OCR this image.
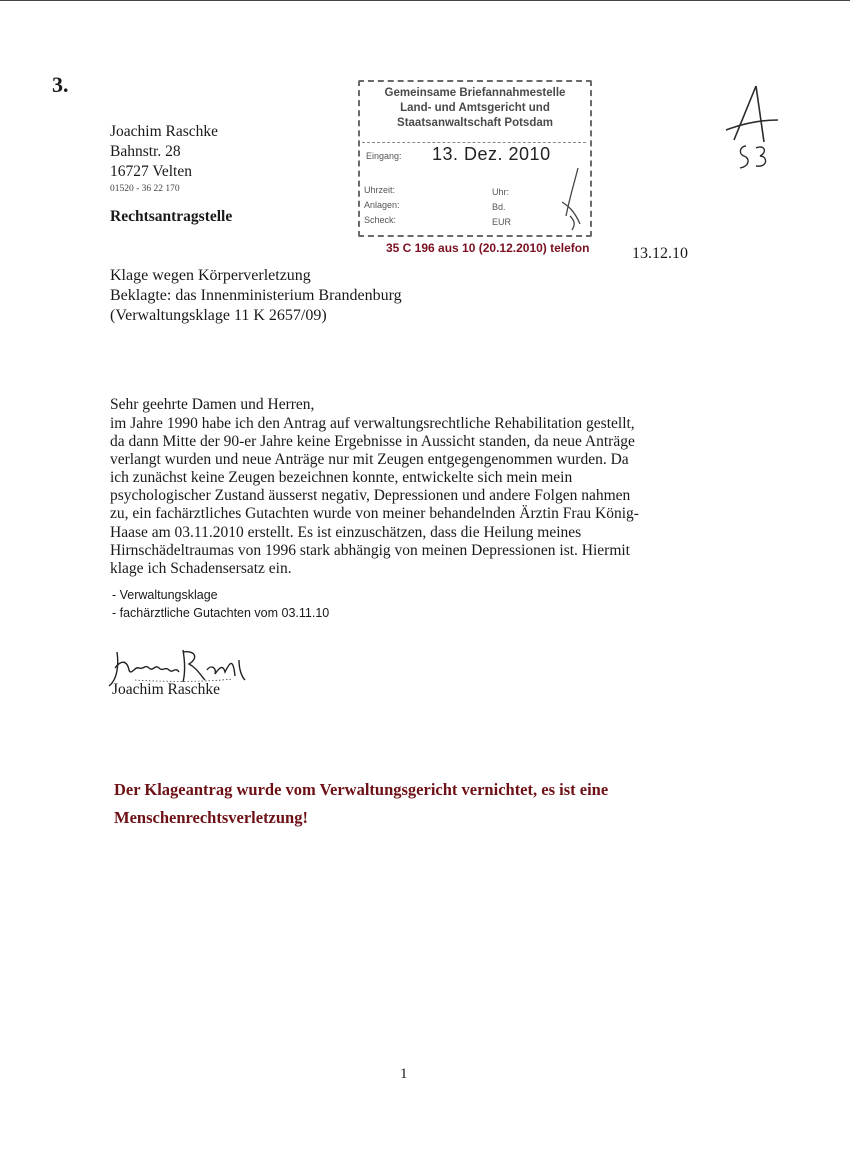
3.
Joachim Raschke
Bahnstr. 28
16727 Velten
01520 - 36 22 170
Rechtsantragstelle
Gemeinsame Briefannahmestelle
Land- und Amtsgericht und
Staatsanwaltschaft Potsdam
Eingang: 13. Dez. 2010
Uhrzeit:	Uhr:
Anlagen:	Bd.
Scheck:	EUR
35 C 196 aus 10 (20.12.2010) telefon	13.12.10
Klage wegen Körperverletzung
Beklagte: das Innenministerium Brandenburg
(Verwaltungsklage 11 K 2657/09)
Sehr geehrte Damen und Herren,
im Jahre 1990 habe ich den Antrag auf verwaltungsrechtliche Rehabilitation gestellt,
da dann Mitte der 90-er Jahre keine Ergebnisse in Aussicht standen, da neue Anträge
verlangt wurden und neue Anträge nur mit Zeugen entgegengenommen wurden. Da
ich zunächst keine Zeugen bezeichnen konnte, entwickelte sich mein mein
psychologischer Zustand äusserst negativ, Depressionen und andere Folgen nahmen
zu, ein fachärztliches Gutachten wurde von meiner behandelnden Ärztin Frau König-
Haase am 03.11.2010 erstellt. Es ist einzuschätzen, dass die Heilung meines
Hirnschädeltraumas von 1996 stark abhängig von meinen Depressionen ist. Hiermit
klage ich Schadensersatz ein.
- Verwaltungsklage
- fachärztliche Gutachten vom 03.11.10
Joachim Raschke
Der Klageantrag wurde vom Verwaltungsgericht vernichtet, es ist eine
Menschenrechtsverletzung!
1
